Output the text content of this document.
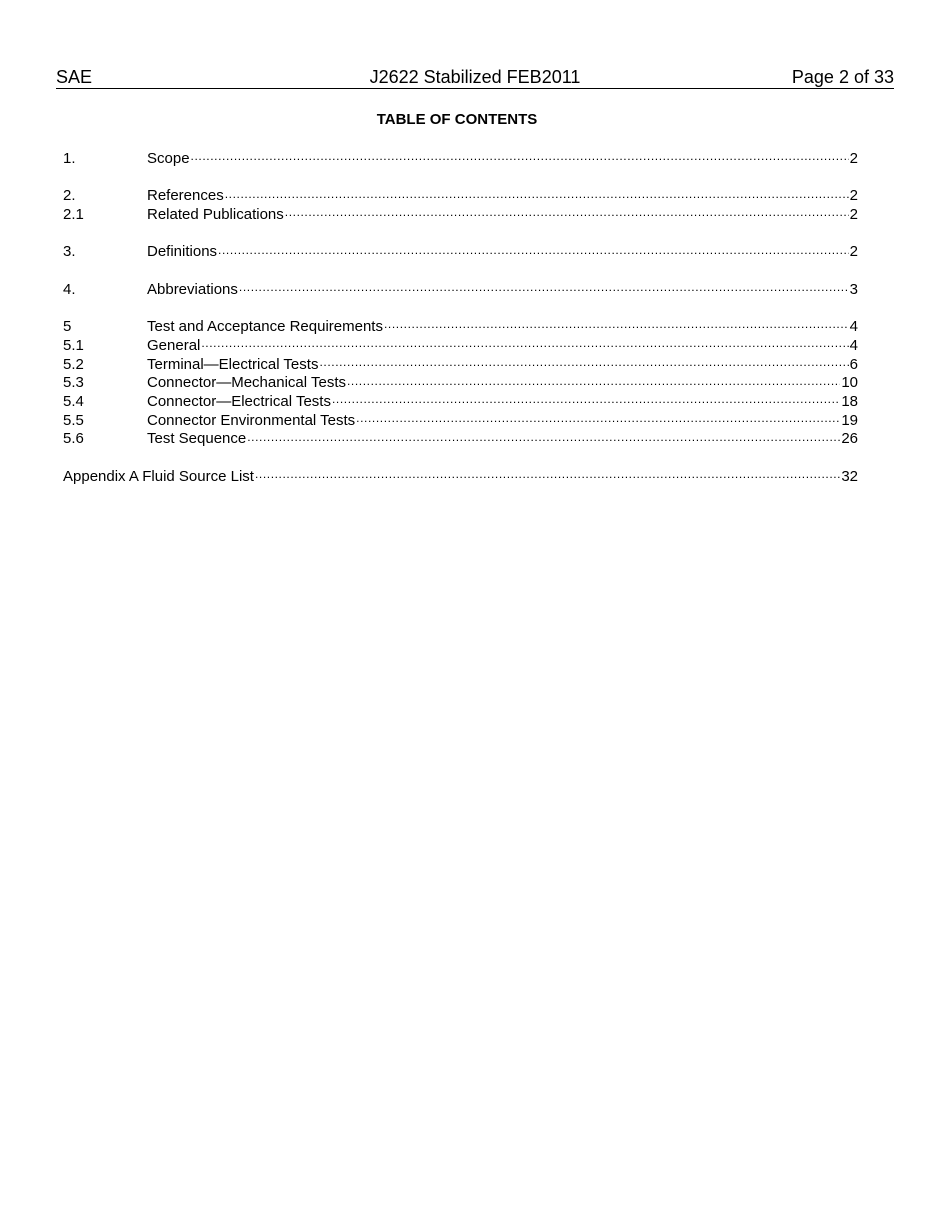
SAE	J2622 Stabilized FEB2011	Page 2 of 33
TABLE OF CONTENTS
1.	Scope .....	2
2.	References .....	2
2.1	Related Publications .....	2
3.	Definitions .....	2
4.	Abbreviations .....	3
5	Test and Acceptance Requirements .....	4
5.1	General .....	4
5.2	Terminal—Electrical Tests .....	6
5.3	Connector—Mechanical Tests .....	10
5.4	Connector—Electrical Tests .....	18
5.5	Connector Environmental Tests .....	19
5.6	Test Sequence .....	26
Appendix A Fluid Source List .....	32
